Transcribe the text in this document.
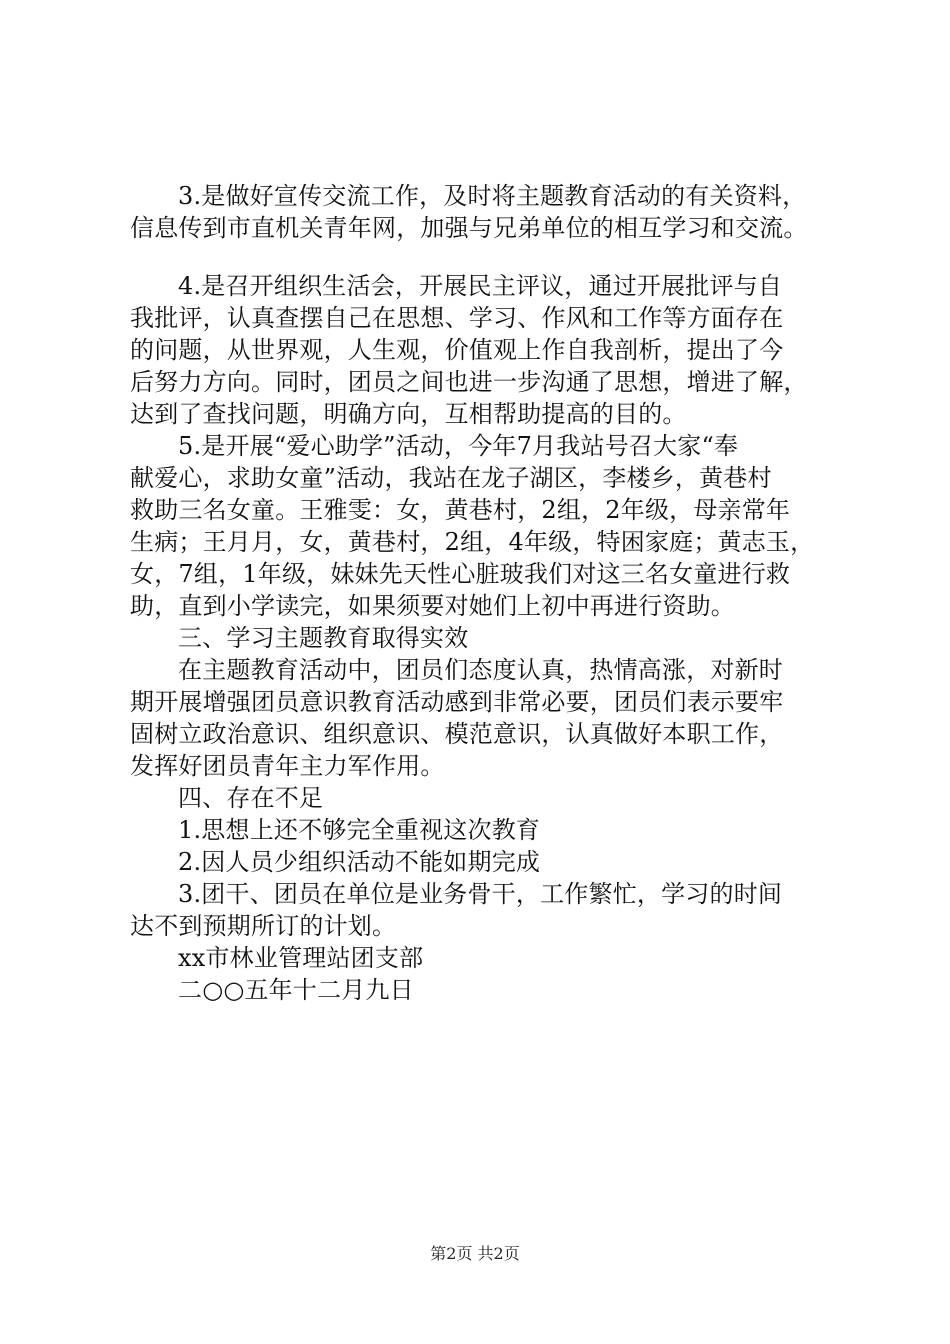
3.是做好宣传交流工作，及时将主题教育活动的有关资料，
信息传到市直机关青年网，加强与兄弟单位的相互学习和交流。
4.是召开组织生活会，开展民主评议，通过开展批评与自
我批评，认真查摆自己在思想、学习、作风和工作等方面存在
的问题，从世界观，人生观，价值观上作自我剖析，提出了今
后努力方向。同时，团员之间也进一步沟通了思想，增进了解，
达到了查找问题，明确方向，互相帮助提高的目的。
5.是开展“爱心助学”活动，今年7月我站号召大家“奉
献爱心，求助女童”活动，我站在龙子湖区，李楼乡，黄巷村
救助三名女童。王雅雯：女，黄巷村，2组，2年级，母亲常年
生病；王月月，女，黄巷村，2组，4年级，特困家庭；黄志玉，
女，7组，1年级，妹妹先天性心脏玻我们对这三名女童进行救
助，直到小学读完，如果须要对她们上初中再进行资助。
三、学习主题教育取得实效
在主题教育活动中，团员们态度认真，热情高涨，对新时
期开展增强团员意识教育活动感到非常必要，团员们表示要牢
固树立政治意识、组织意识、模范意识，认真做好本职工作，
发挥好团员青年主力军作用。
四、存在不足
1.思想上还不够完全重视这次教育
2.因人员少组织活动不能如期完成
3.团干、团员在单位是业务骨干，工作繁忙，学习的时间
达不到预期所订的计划。
xx市林业管理站团支部
二○○五年十二月九日
第2页 共2页
